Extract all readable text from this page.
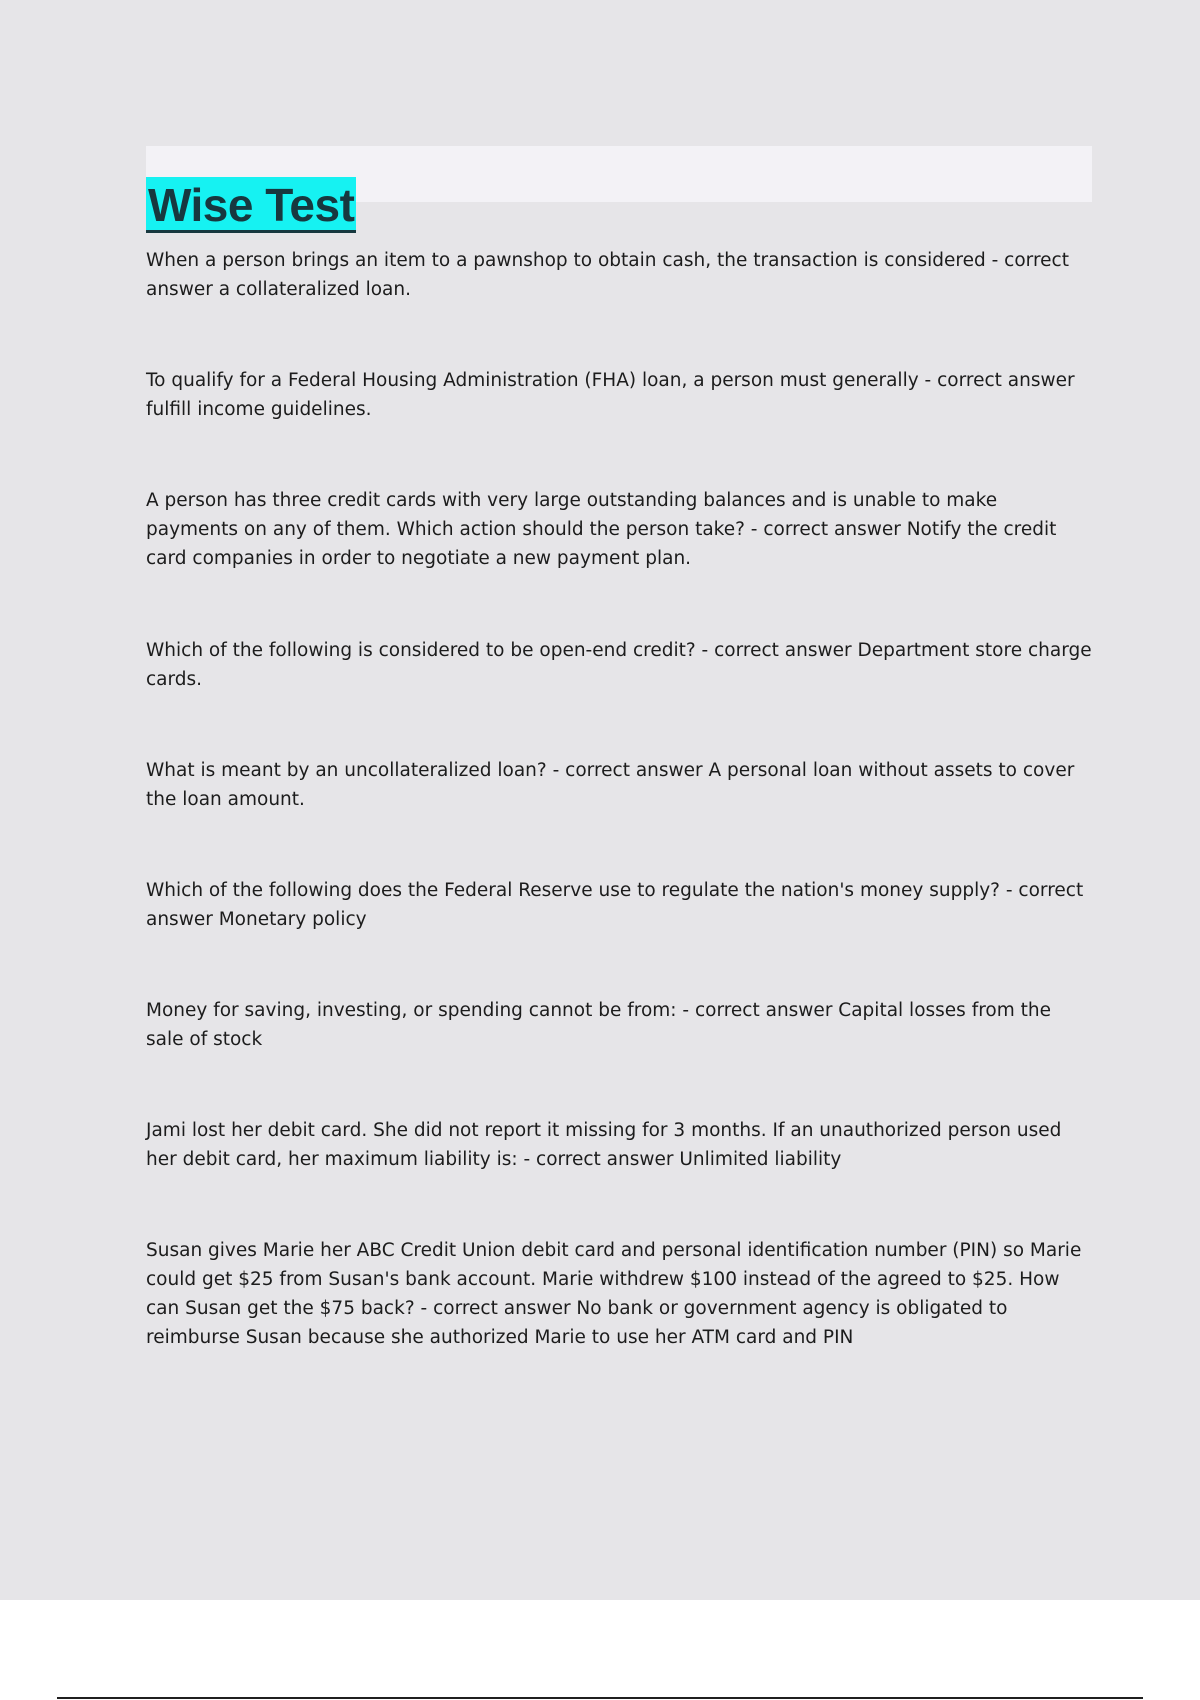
Wise Test

When a person brings an item to a pawnshop to obtain cash, the transaction is considered - correct answer a collateralized loan.

To qualify for a Federal Housing Administration (FHA) loan, a person must generally - correct answer fulfill income guidelines.

A person has three credit cards with very large outstanding balances and is unable to make payments on any of them. Which action should the person take? - correct answer Notify the credit card companies in order to negotiate a new payment plan.

Which of the following is considered to be open-end credit? - correct answer Department store charge cards.

What is meant by an uncollateralized loan? - correct answer A personal loan without assets to cover the loan amount.

Which of the following does the Federal Reserve use to regulate the nation's money supply? - correct answer Monetary policy

Money for saving, investing, or spending cannot be from: - correct answer Capital losses from the sale of stock

Jami lost her debit card. She did not report it missing for 3 months. If an unauthorized person used her debit card, her maximum liability is: - correct answer Unlimited liability

Susan gives Marie her ABC Credit Union debit card and personal identification number (PIN) so Marie could get $25 from Susan's bank account. Marie withdrew $100 instead of the agreed to $25. How can Susan get the $75 back? - correct answer No bank or government agency is obligated to reimburse Susan because she authorized Marie to use her ATM card and PIN
